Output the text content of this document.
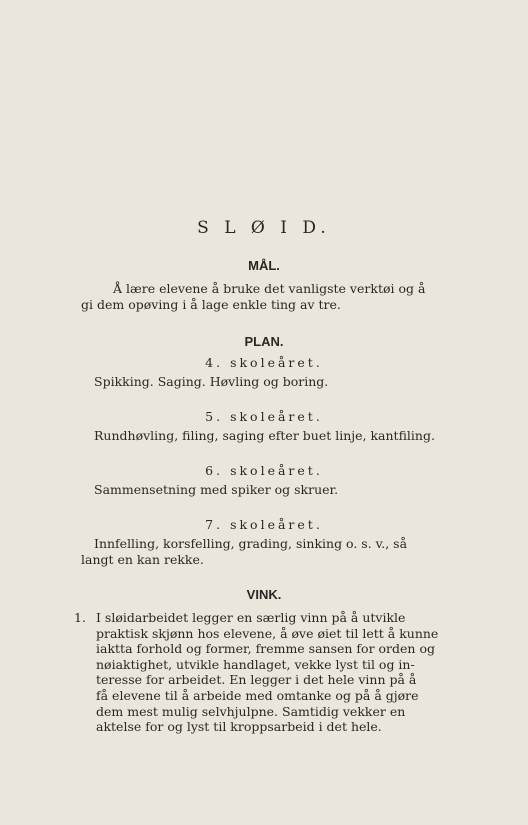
S L Ø I D.
MÅL.
Å lære elevene å bruke det vanligste verktøi og å
gi dem opøving i å lage enkle ting av tre.
PLAN.
4. skoleåret.
Spikking. Saging. Høvling og boring.
5. skoleåret.
Rundhøvling, filing, saging efter buet linje, kantfiling.
6. skoleåret.
Sammensetning med spiker og skruer.
7. skoleåret.
Innfelling, korsfelling, grading, sinking o. s. v., så
langt en kan rekke.
VINK.
1. I sløidarbeidet legger en særlig vinn på å utvikle
praktisk skjønn hos elevene, å øve øiet til lett å kunne
iaktta forhold og former, fremme sansen for orden og
nøiaktighet, utvikle handlaget, vekke lyst til og in-
teresse for arbeidet. En legger i det hele vinn på å
få elevene til å arbeide med omtanke og på å gjøre
dem mest mulig selvhjulpne. Samtidig vekker en
aktelse for og lyst til kroppsarbeid i det hele.
